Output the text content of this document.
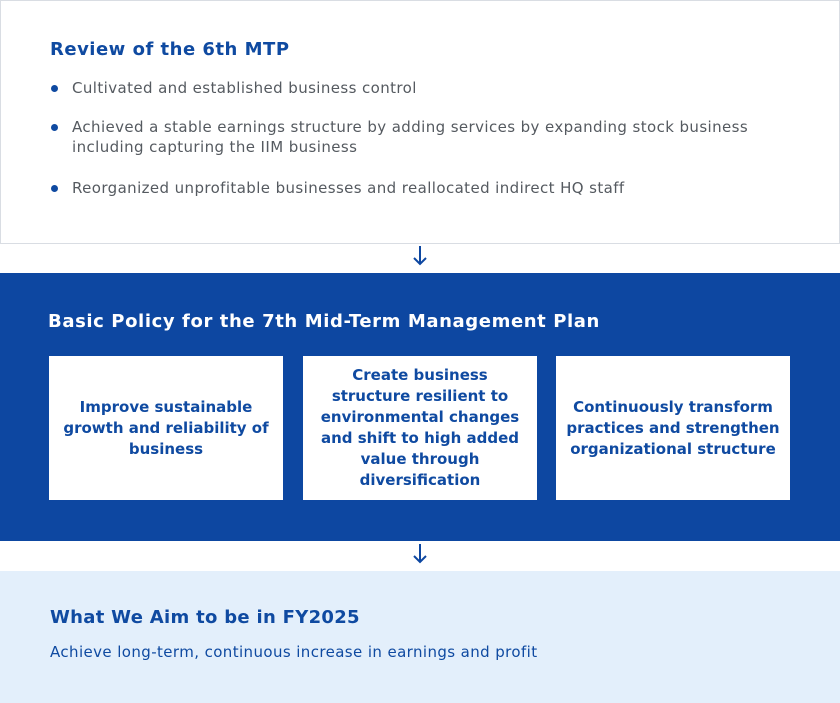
Review of the 6th MTP
Cultivated and established business control
Achieved a stable earnings structure by adding services by expanding stock business including capturing the IIM business
Reorganized unprofitable businesses and reallocated indirect HQ staff
Basic Policy for the 7th Mid-Term Management Plan
Improve sustainable growth and reliability of business
Create business structure resilient to environmental changes and shift to high added value through diversification
Continuously transform practices and strengthen organizational structure
What We Aim to be in FY2025

Achieve long-term, continuous increase in earnings and profit
